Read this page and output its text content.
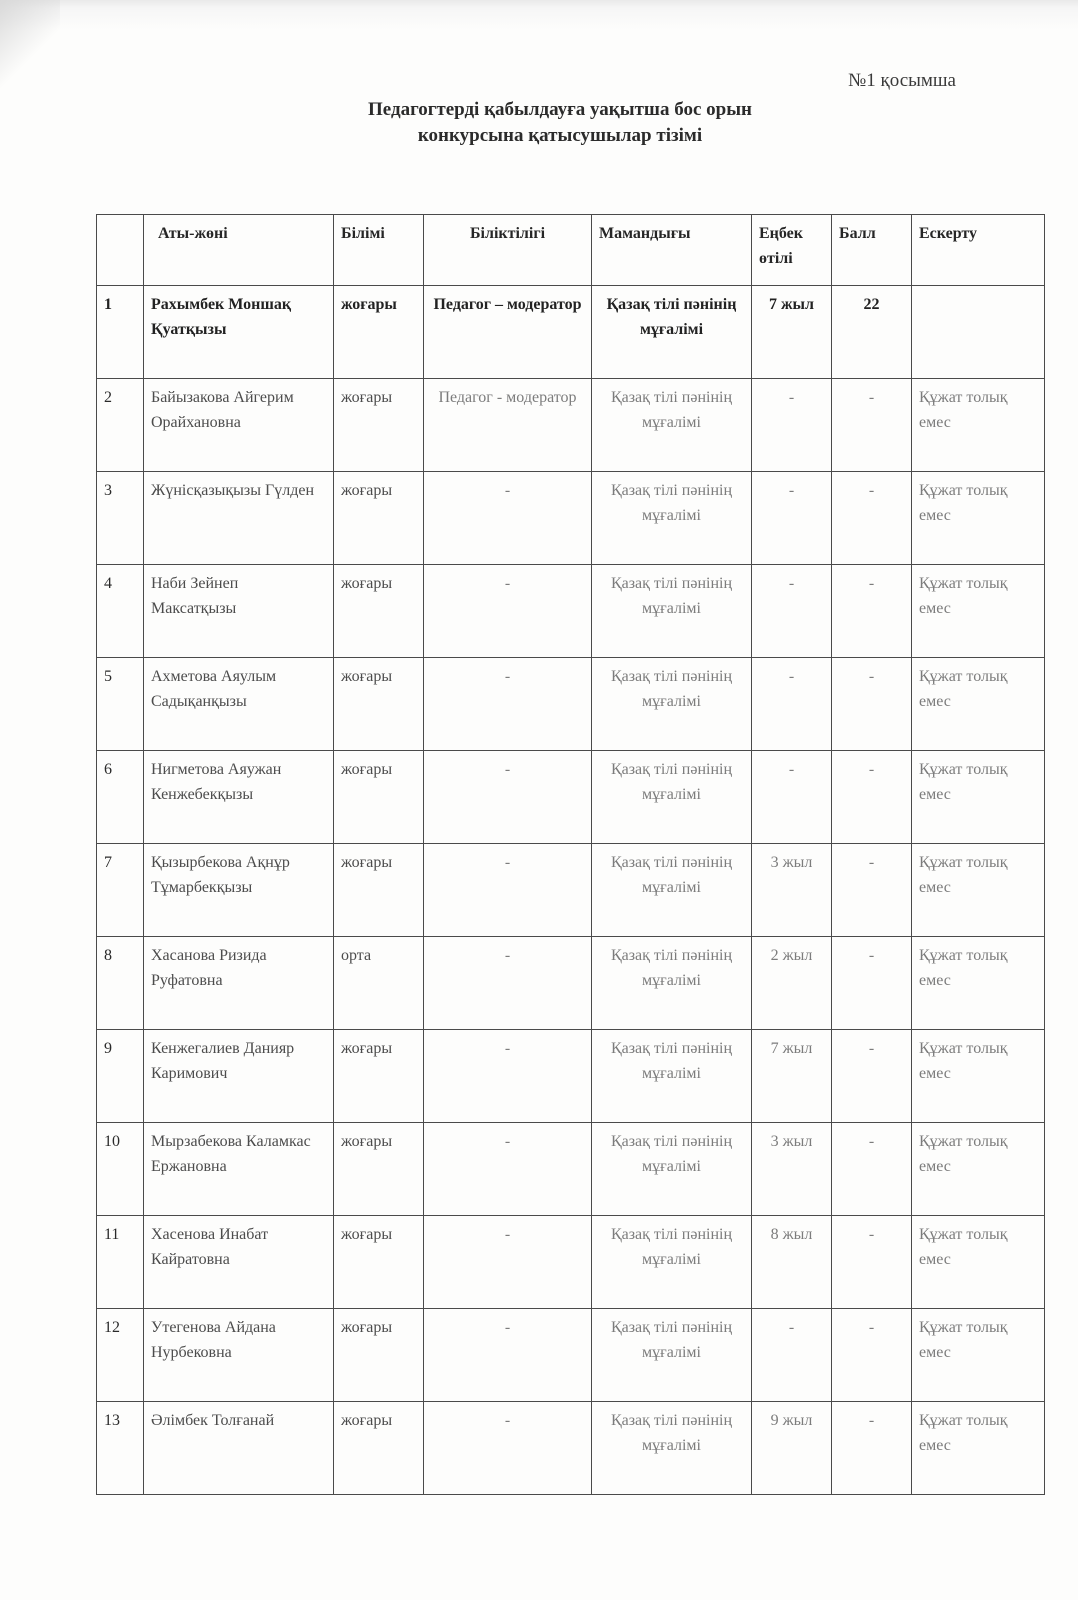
№1 қосымша
Педагогтерді қабылдауға уақытша бос орын
конкурсына қатысушылар тізімі
	Аты-жөні	Білімі	Біліктілігі	Мамандығы	Еңбек өтілі	Балл	Ескерту
1	Рахымбек Моншақ Қуатқызы	жоғары	Педагог – модератор	Қазақ тілі пәнінің мұғалімі	7 жыл	22	
2	Байызакова Айгерим Орайхановна	жоғары	Педагог - модератор	Қазақ тілі пәнінің мұғалімі	-	-	Құжат толық емес
3	Жүнісқазықызы Гүлден	жоғары	-	Қазақ тілі пәнінің мұғалімі	-	-	Құжат толық емес
4	Наби Зейнеп Максатқызы	жоғары	-	Қазақ тілі пәнінің мұғалімі	-	-	Құжат толық емес
5	Ахметова Аяулым Садықанқызы	жоғары	-	Қазақ тілі пәнінің мұғалімі	-	-	Құжат толық емес
6	Нигметова Аяужан Кенжебекқызы	жоғары	-	Қазақ тілі пәнінің мұғалімі	-	-	Құжат толық емес
7	Қызырбекова Ақнұр Тұмарбекқызы	жоғары	-	Қазақ тілі пәнінің мұғалімі	3 жыл	-	Құжат толық емес
8	Хасанова Ризида Руфатовна	орта	-	Қазақ тілі пәнінің мұғалімі	2 жыл	-	Құжат толық емес
9	Кенжегалиев Данияр Каримович	жоғары	-	Қазақ тілі пәнінің мұғалімі	7 жыл	-	Құжат толық емес
10	Мырзабекова Каламкас Ержановна	жоғары	-	Қазақ тілі пәнінің мұғалімі	3 жыл	-	Құжат толық емес
11	Хасенова Инабат Кайратовна	жоғары	-	Қазақ тілі пәнінің мұғалімі	8 жыл	-	Құжат толық емес
12	Утегенова Айдана Нурбековна	жоғары	-	Қазақ тілі пәнінің мұғалімі	-	-	Құжат толық емес
13	Әлімбек Толғанай	жоғары	-	Қазақ тілі пәнінің мұғалімі	9 жыл	-	Құжат толық емес
